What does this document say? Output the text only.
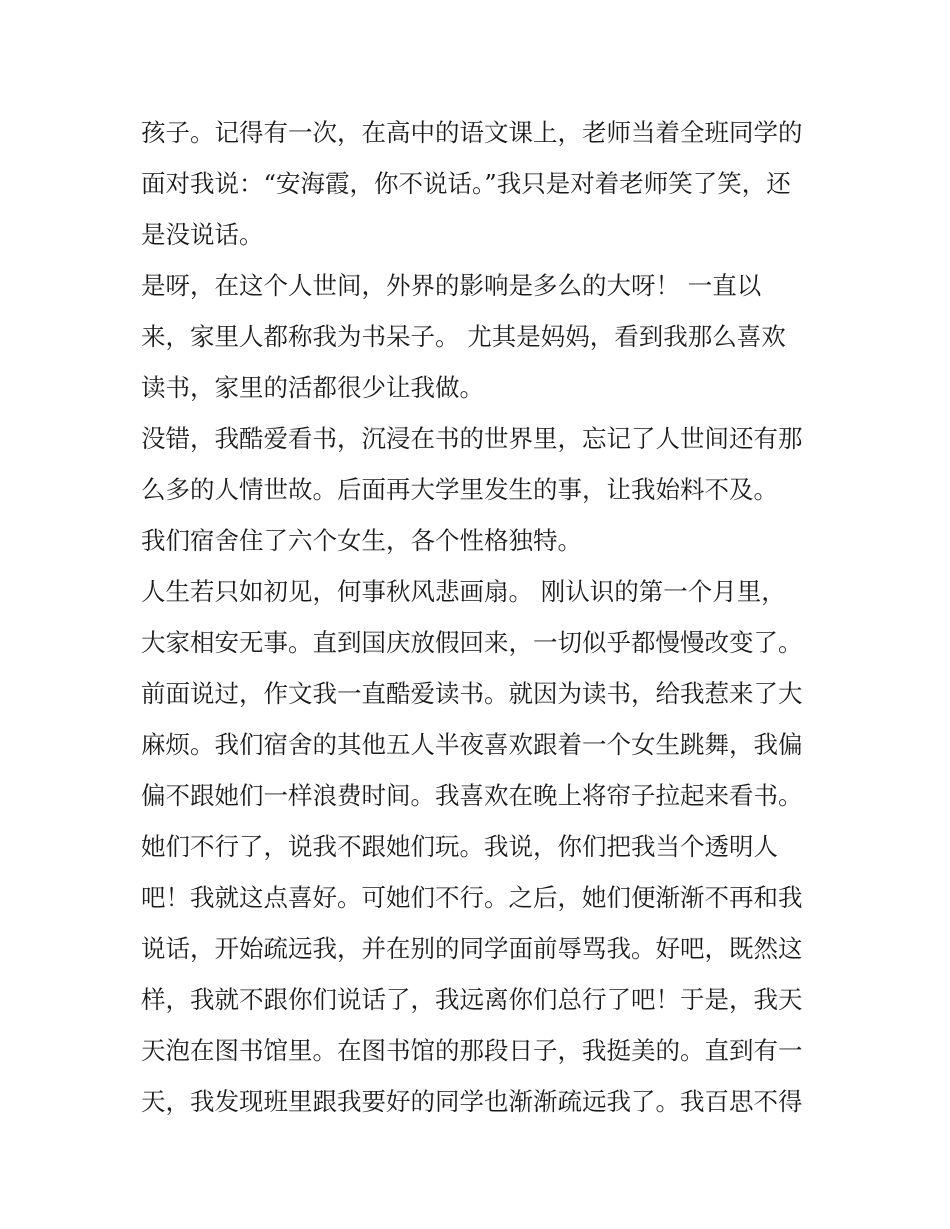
孩子。记得有一次，在高中的语文课上，老师当着全班同学的
面对我说：“安海霞，你不说话。”我只是对着老师笑了笑，还
是没说话。
是呀，在这个人世间，外界的影响是多么的大呀！ 一直以
来，家里人都称我为书呆子。 尤其是妈妈，看到我那么喜欢
读书，家里的活都很少让我做。
没错，我酷爱看书，沉浸在书的世界里，忘记了人世间还有那
么多的人情世故。后面再大学里发生的事，让我始料不及。
我们宿舍住了六个女生，各个性格独特。
人生若只如初见，何事秋风悲画扇。 刚认识的第一个月里，
大家相安无事。直到国庆放假回来，一切似乎都慢慢改变了。
前面说过，作文我一直酷爱读书。就因为读书，给我惹来了大
麻烦。我们宿舍的其他五人半夜喜欢跟着一个女生跳舞，我偏
偏不跟她们一样浪费时间。我喜欢在晚上将帘子拉起来看书。
她们不行了，说我不跟她们玩。我说，你们把我当个透明人
吧！我就这点喜好。可她们不行。之后，她们便渐渐不再和我
说话，开始疏远我，并在别的同学面前辱骂我。好吧，既然这
样，我就不跟你们说话了，我远离你们总行了吧！于是，我天
天泡在图书馆里。在图书馆的那段日子，我挺美的。直到有一
天，我发现班里跟我要好的同学也渐渐疏远我了。我百思不得
